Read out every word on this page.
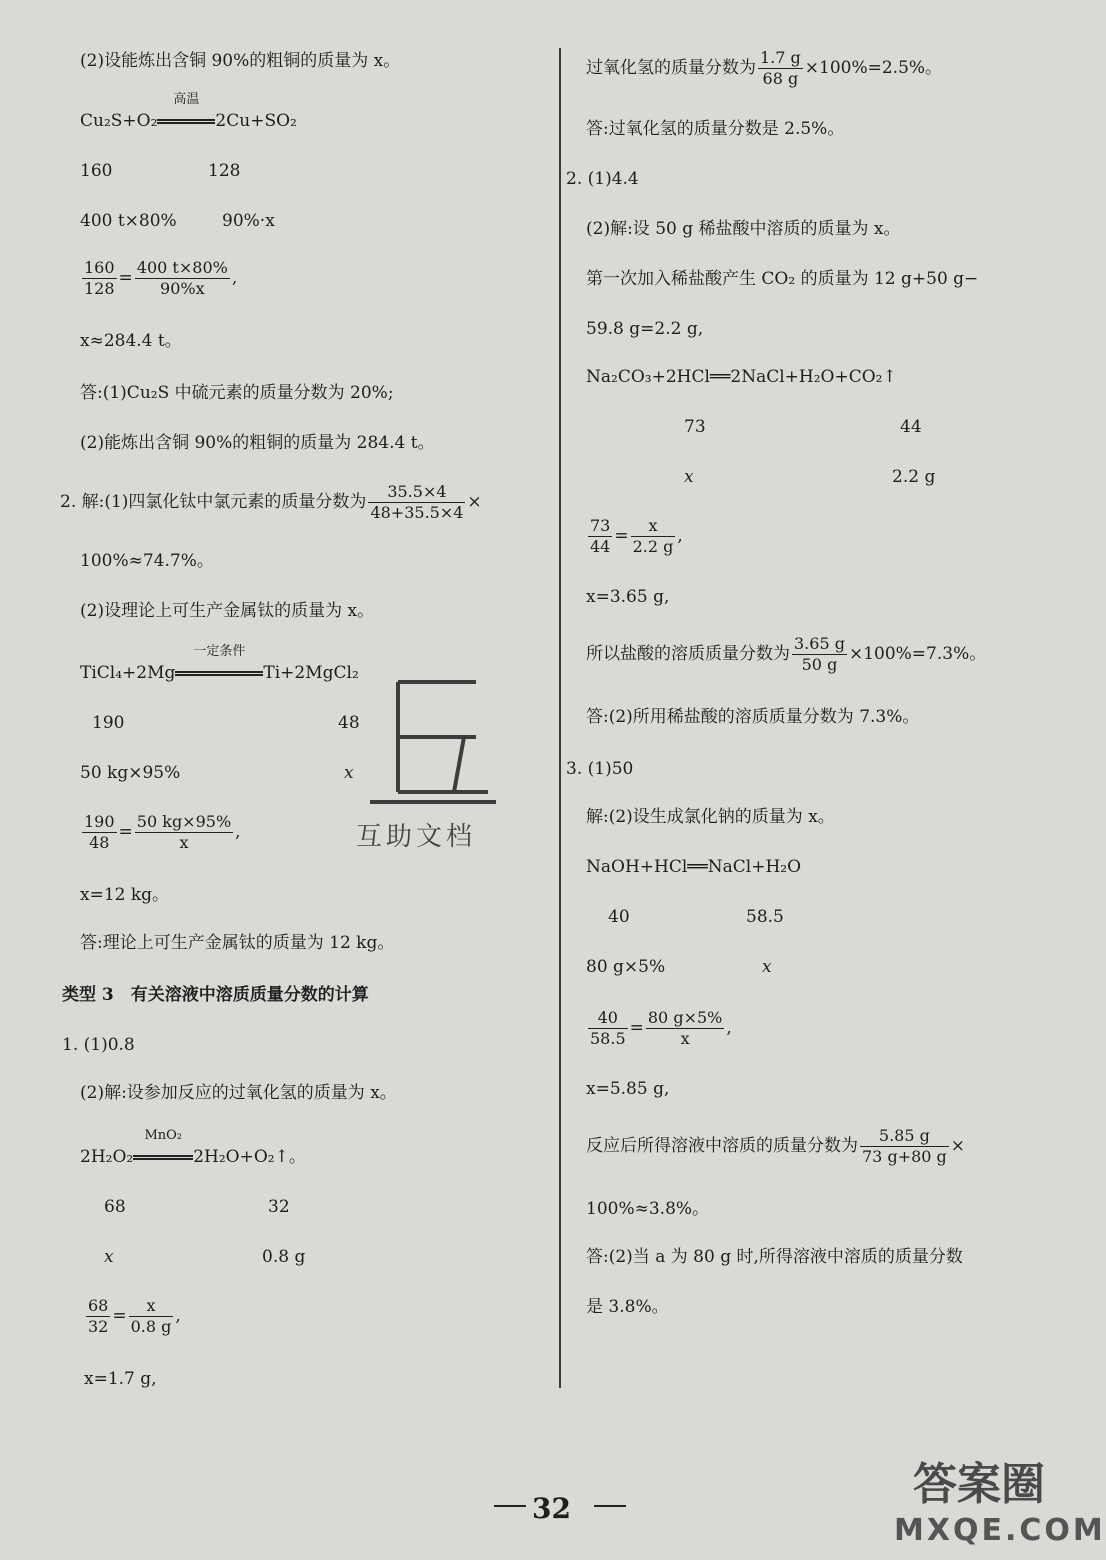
(2)设能炼出含铜 90%的粗铜的质量为 x。
Cu₂S+O₂
高温
2Cu+SO₂
160	128
400 t×80%	90%·x
$\frac{160}{128} = \frac{400 t\times 80\%}{90\%x}$ ,
x≈284.4 t。
答:(1)Cu₂S 中硫元素的质量分数为 20%;
(2)能炼出含铜 90%的粗铜的质量为 284.4 t。
2. 解:(1)四氯化钛中氯元素的质量分数为 $\frac{35.5\times 4}{48+35.5\times 4}$ ×
100%≈74.7%。
(2)设理论上可生产金属钛的质量为 x。
TiCl₄+2Mg
一定条件
Ti+2MgCl₂
190	48
50 kg×95%	x
$\frac{190}{48} = \frac{50 kg\times 95\%}{x}$ ,
x=12 kg。
答:理论上可生产金属钛的质量为 12 kg。
类型 3　有关溶液中溶质质量分数的计算
1. (1)0.8
(2)解:设参加反应的过氧化氢的质量为 x。
2H₂O₂
MnO₂
2H₂O+O₂↑。
68	32
x	0.8 g
$\frac{68}{32} = \frac{x}{0.8 g}$ ,
x=1.7 g,
过氧化氢的质量分数为 $\frac{1.7 g}{68 g} \times 100\%=2.5\%$。
答:过氧化氢的质量分数是 2.5%。
2. (1)4.4
(2)解:设 50 g 稀盐酸中溶质的质量为 x。
第一次加入稀盐酸产生 CO₂ 的质量为 12 g+50 g−
59.8 g=2.2 g,
Na₂CO₃+2HCl══2NaCl+H₂O+CO₂↑
73	44
x	2.2 g
$\frac{73}{44} = \frac{x}{2.2 g}$ ,
x=3.65 g,
所以盐酸的溶质质量分数为 $\frac{3.65 g}{50 g} \times 100\%=7.3\%$。
答:(2)所用稀盐酸的溶质质量分数为 7.3%。
3. (1)50
解:(2)设生成氯化钠的质量为 x。
NaOH+HCl══NaCl+H₂O
40	58.5
80 g×5%	x
$\frac{40}{58.5} = \frac{80 g\times 5\%}{x}$ ,
x=5.85 g,
反应后所得溶液中溶质的质量分数为 $\frac{5.85 g}{73 g+80 g}$ ×
100%≈3.8%。
答:(2)当 a 为 80 g 时,所得溶液中溶质的质量分数
是 3.8%。
互助文档
32	答案圈
MXQE.COM
